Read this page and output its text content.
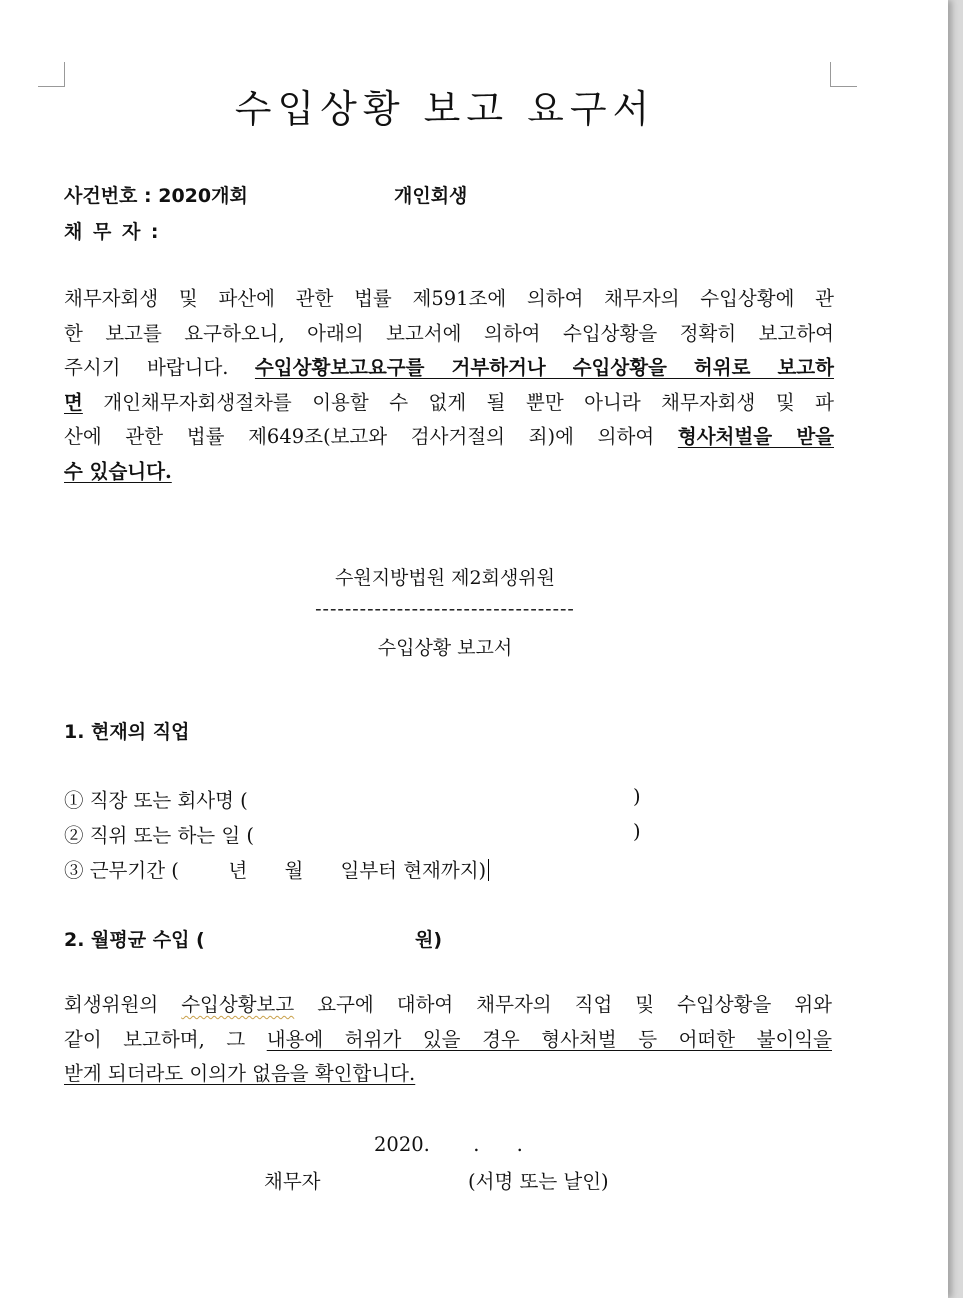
수입상황 보고 요구서
사건번호 : 2020개회	개인회생
채 무 자 :
채무자회생 및 파산에 관한 법률 제591조에 의하여 채무자의 수입상황에 관
한 보고를 요구하오니, 아래의 보고서에 의하여 수입상황을 정확히 보고하여
주시기 바랍니다. 수입상황보고요구를 거부하거나 수입상황을 허위로 보고하
면 개인채무자회생절차를 이용할 수 없게 될 뿐만 아니라 채무자회생 및 파
산에 관한 법률 제649조(보고와 검사거절의 죄)에 의하여 형사처벌을 받을
수 있습니다.
수원지방법원 제2회생위원
-----------------------------------
수입상황 보고서
1. 현재의 직업
① 직장 또는 회사명 (	)
② 직위 또는 하는 일 (	)
③ 근무기간 (        년      월      일부터 현재까지)
2. 월평균 수입 (	원)
회생위원의 수입상황보고 요구에 대하여 채무자의 직업 및 수입상황을 위와
같이 보고하며, 그 내용에 허위가 있을 경우 형사처벌 등 어떠한 불이익을
받게 되더라도 이의가 없음을 확인합니다.
2020.       .      .
채무자	(서명 또는 날인)
